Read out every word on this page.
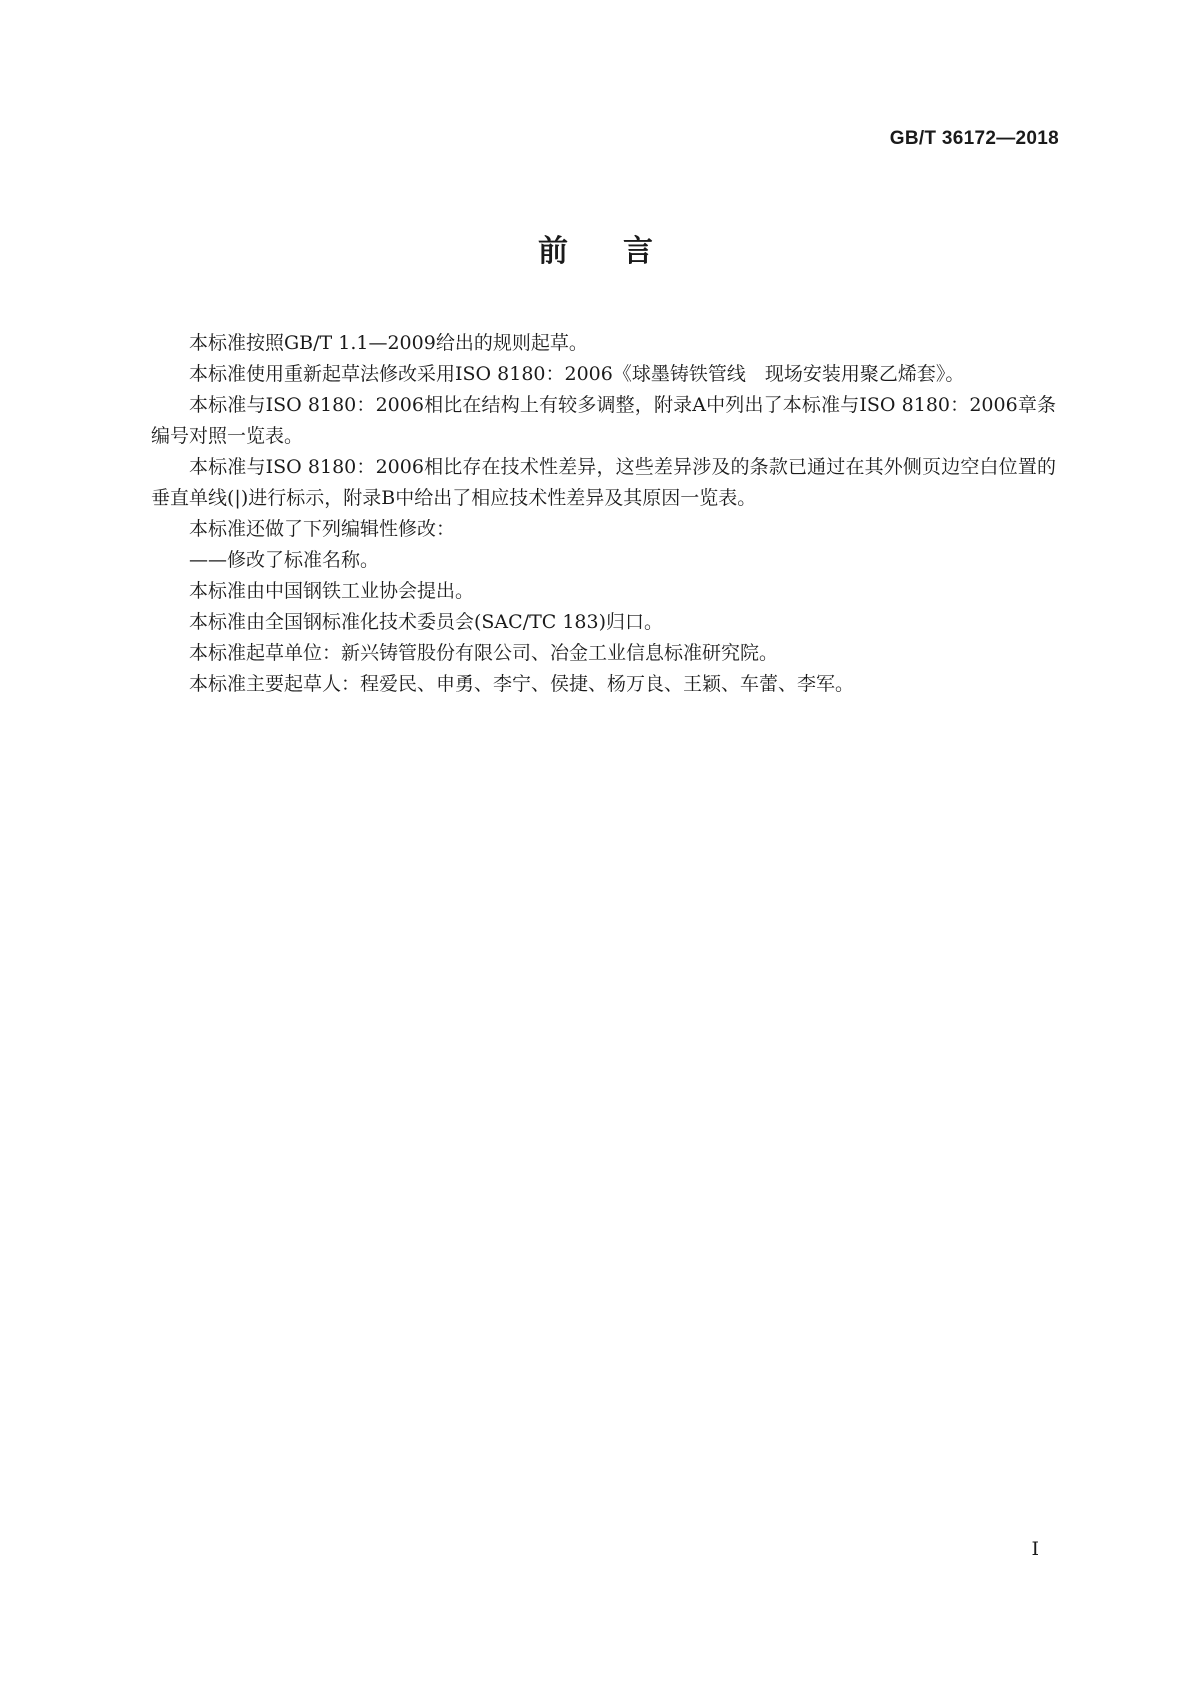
GB/T 36172—2018
前言

本标准按照GB/T 1.1—2009给出的规则起草。

本标准使用重新起草法修改采用ISO 8180：2006《球墨铸铁管线　现场安装用聚乙烯套》。

本标准与ISO 8180：2006相比在结构上有较多调整，附录A中列出了本标准与ISO 8180：2006章条编号对照一览表。

本标准与ISO 8180：2006相比存在技术性差异，这些差异涉及的条款已通过在其外侧页边空白位置的垂直单线(|)进行标示，附录B中给出了相应技术性差异及其原因一览表。

本标准还做了下列编辑性修改：

——修改了标准名称。

本标准由中国钢铁工业协会提出。

本标准由全国钢标准化技术委员会(SAC/TC 183)归口。

本标准起草单位：新兴铸管股份有限公司、冶金工业信息标准研究院。

本标准主要起草人：程爱民、申勇、李宁、侯捷、杨万良、王颖、车蕾、李军。

I
